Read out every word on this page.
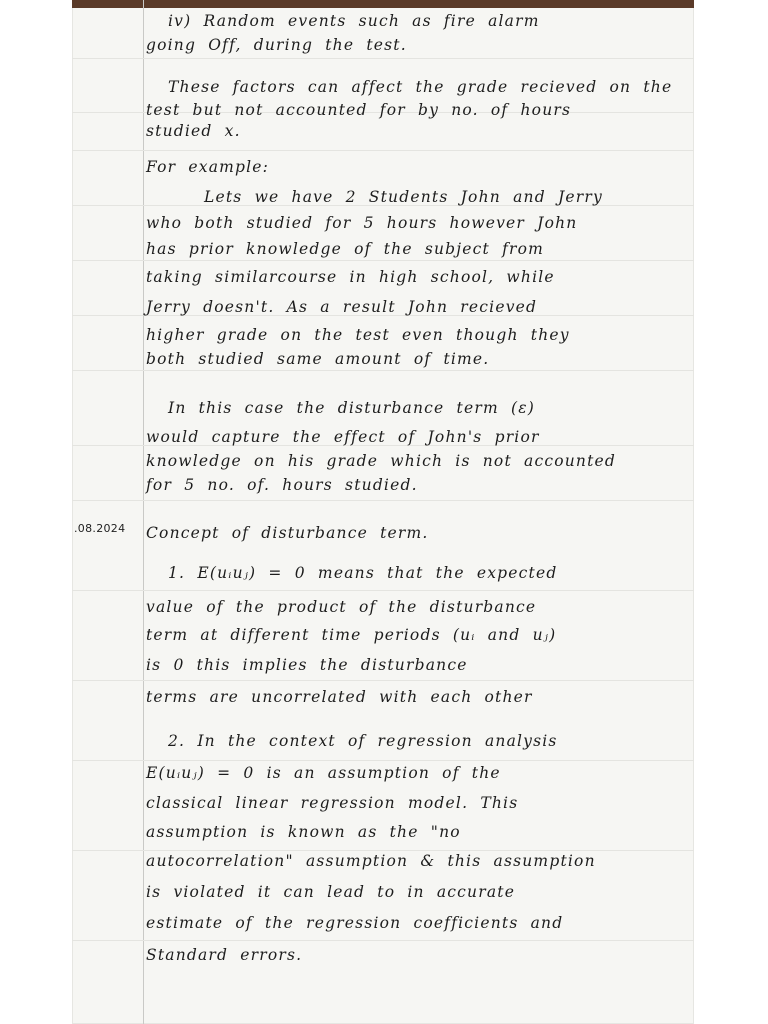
.08.2024
iv) Random events such as fire alarm
going Off, during the test.
These factors can affect the grade recieved on the
test but not accounted for by no. of hours
studied x.
For example:
Lets we have 2 Students John and Jerry
who both studied for 5 hours however John
has prior knowledge of the subject from
taking similarcourse in high school, while
Jerry doesn't. As a result John recieved
higher grade on the test even though they
both studied same amount of time.
In this case the disturbance term (ε)
would capture the effect of John's prior
knowledge on his grade which is not accounted
for 5 no. of. hours studied.
Concept of disturbance term.
1. E(uᵢuⱼ) = 0 means that the expected
value of the product of the disturbance
term at different time periods (uᵢ and uⱼ)
is 0 this implies the disturbance
terms are uncorrelated with each other
2. In the context of regression analysis
E(uᵢuⱼ) = 0 is an assumption of the
classical linear regression model. This
assumption is known as the "no
autocorrelation" assumption & this assumption
is violated it can lead to in accurate
estimate of the regression coefficients and
Standard errors.
